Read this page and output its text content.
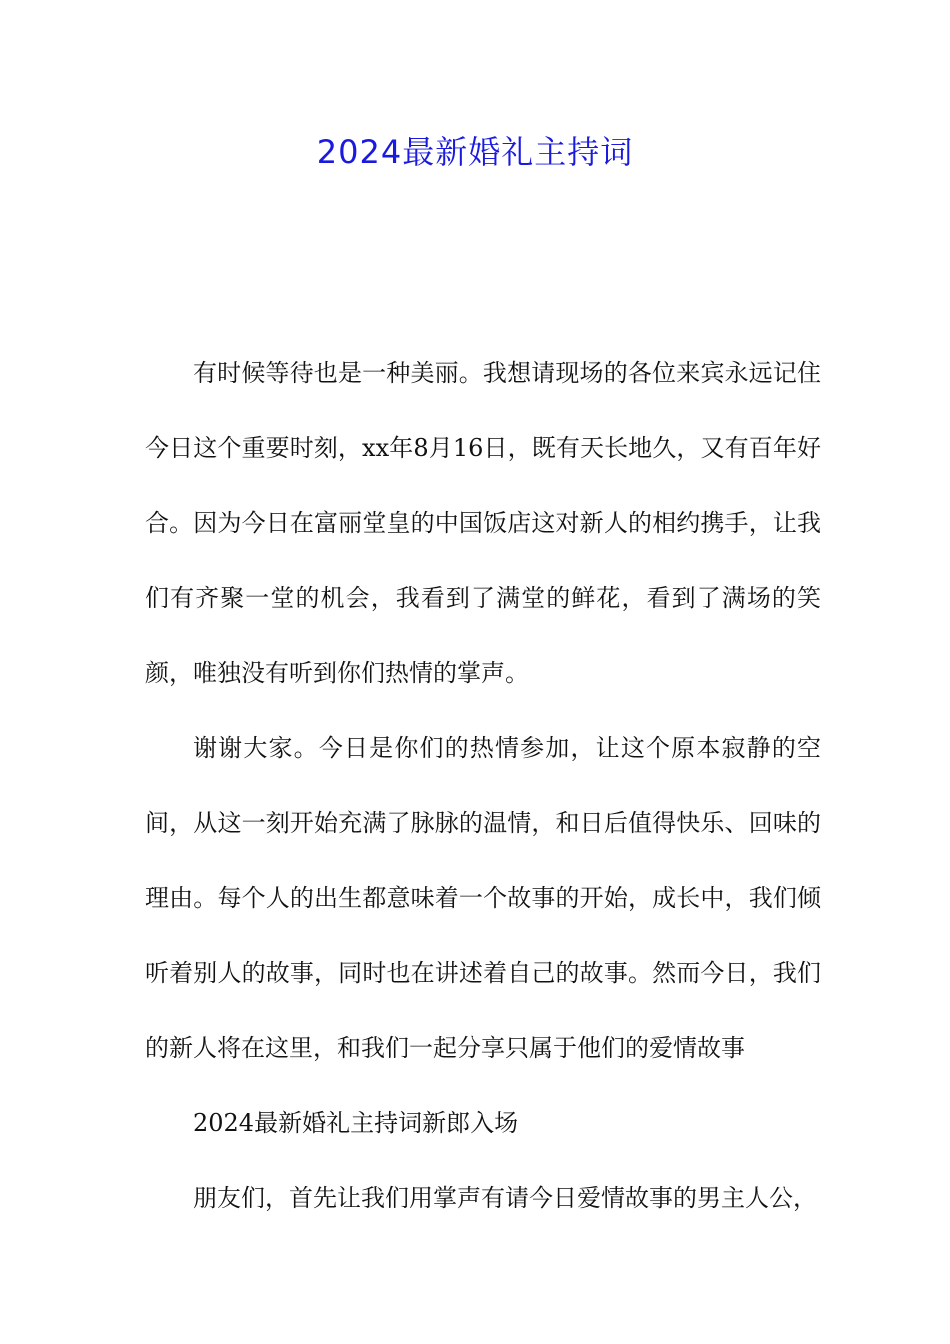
2024最新婚礼主持词

有时候等待也是一种美丽。我想请现场的各位来宾永远记住今日这个重要时刻，xx年8月16日，既有天长地久，又有百年好合。因为今日在富丽堂皇的中国饭店这对新人的相约携手，让我们有齐聚一堂的机会，我看到了满堂的鲜花，看到了满场的笑颜，唯独没有听到你们热情的掌声。

谢谢大家。今日是你们的热情参加，让这个原本寂静的空间，从这一刻开始充满了脉脉的温情，和日后值得快乐、回味的理由。每个人的出生都意味着一个故事的开始，成长中，我们倾听着别人的故事，同时也在讲述着自己的故事。然而今日，我们的新人将在这里，和我们一起分享只属于他们的爱情故事

2024最新婚礼主持词新郎入场

朋友们，首先让我们用掌声有请今日爱情故事的男主人公，
